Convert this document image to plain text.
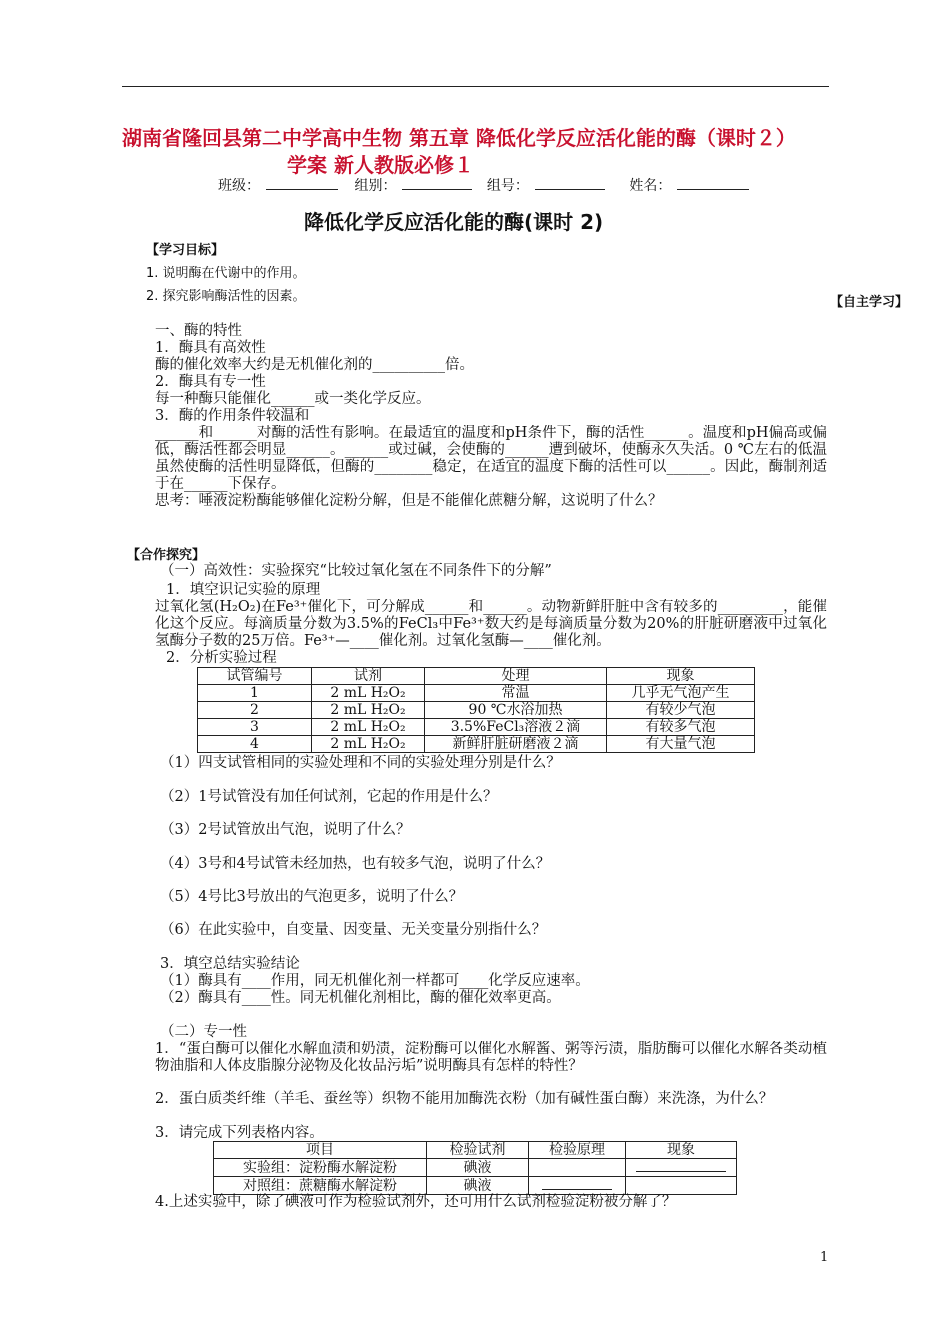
湖南省隆回县第二中学高中生物 第五章 降低化学反应活化能的酶（课时２）
学案 新人教版必修１
班级：	组别：	组号：	姓名：
降低化学反应活化能的酶(课时 2)
【学习目标】
1. 说明酶在代谢中的作用。
2. 探究影响酶活性的因素。	【自主学习】
一、酶的特性
1．酶具有高效性
酶的催化效率大约是无机催化剂的__________倍。
2．酶具有专一性
每一种酶只能催化______或一类化学反应。
3．酶的作用条件较温和
______和______对酶的活性有影响。在最适宜的温度和pH条件下，酶的活性______。温度和pH偏高或偏低，酶活性都会明显______。______或过碱，会使酶的______遭到破坏，使酶永久失活。0 ℃左右的低温虽然使酶的活性明显降低，但酶的________稳定，在适宜的温度下酶的活性可以______。因此，酶制剂适于在______下保存。
思考：唾液淀粉酶能够催化淀粉分解，但是不能催化蔗糖分解，这说明了什么？
【合作探究】
（一）高效性：实验探究“比较过氧化氢在不同条件下的分解”
1．填空识记实验的原理
过氧化氢(H₂O₂)在Fe³⁺催化下，可分解成______和______。动物新鲜肝脏中含有较多的_________，能催化这个反应。每滴质量分数为3.5%的FeCl₃中Fe³⁺数大约是每滴质量分数为20%的肝脏研磨液中过氧化氢酶分子数的25万倍。Fe³⁺—____催化剂。过氧化氢酶—____催化剂。
2．分析实验过程
试管编号	试剂	处理	现象
1	2 mL H₂O₂	常温	几乎无气泡产生
2	2 mL H₂O₂	90 ℃水浴加热	有较少气泡
3	2 mL H₂O₂	3.5%FeCl₃溶液２滴	有较多气泡
4	2 mL H₂O₂	新鲜肝脏研磨液２滴	有大量气泡
（1）四支试管相同的实验处理和不同的实验处理分别是什么？
（2）1号试管没有加任何试剂，它起的作用是什么？
（3）2号试管放出气泡，说明了什么？
（4）3号和4号试管未经加热，也有较多气泡，说明了什么？
（5）4号比3号放出的气泡更多，说明了什么？
（6）在此实验中，自变量、因变量、无关变量分别指什么？
3．填空总结实验结论
（1）酶具有____作用，同无机催化剂一样都可____化学反应速率。
（2）酶具有____性。同无机催化剂相比，酶的催化效率更高。
（二）专一性
1．“蛋白酶可以催化水解血渍和奶渍，淀粉酶可以催化水解酱、粥等污渍，脂肪酶可以催化水解各类动植物油脂和人体皮脂腺分泌物及化妆品污垢”说明酶具有怎样的特性？
2．蛋白质类纤维（羊毛、蚕丝等）织物不能用加酶洗衣粉（加有碱性蛋白酶）来洗涤，为什么？
3．请完成下列表格内容。
项目	检验试剂	检验原理	现象
实验组：淀粉酶水解淀粉	碘液		
对照组：蔗糖酶水解淀粉	碘液		
4.上述实验中，除了碘液可作为检验试剂外，还可用什么试剂检验淀粉被分解了？
1
